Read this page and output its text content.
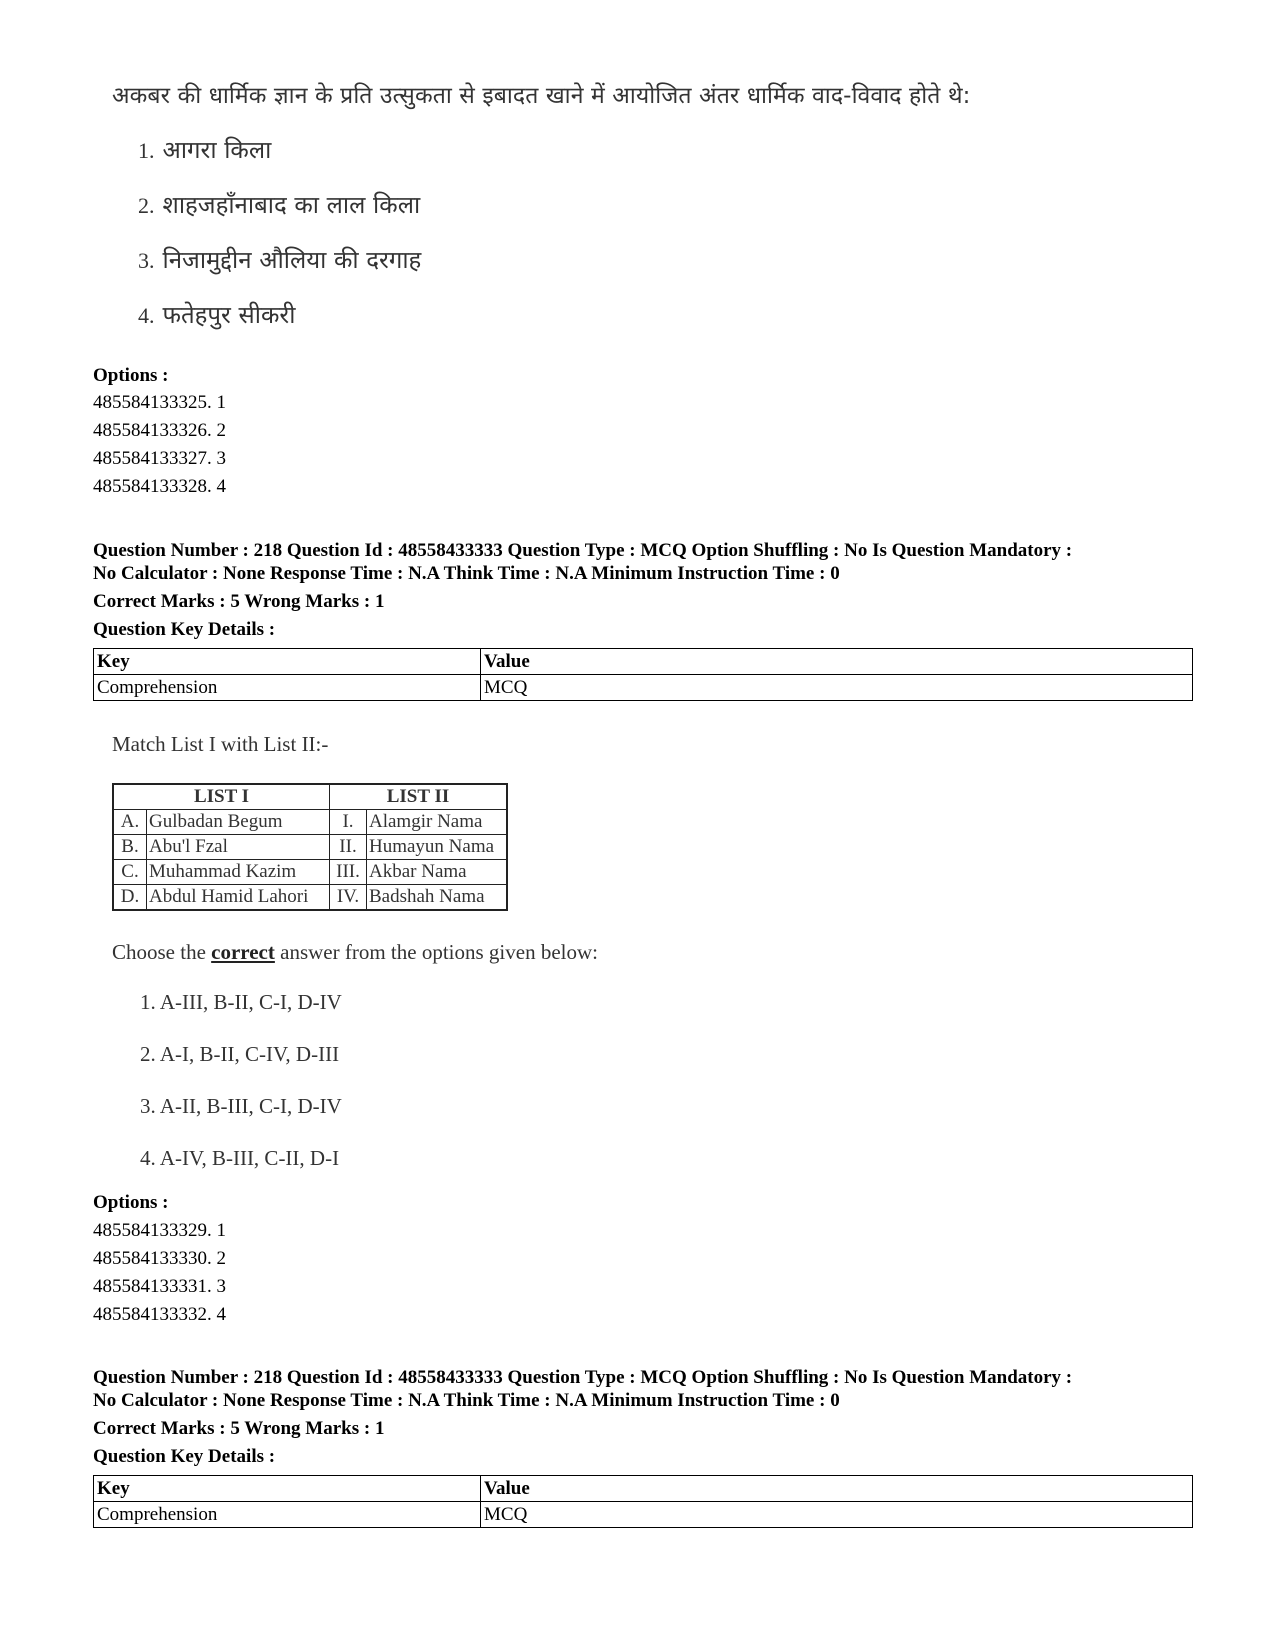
अकबर की धार्मिक ज्ञान के प्रति उत्सुकता से इबादत खाने में आयोजित अंतर धार्मिक वाद-विवाद होते थे:
1. आगरा किला
2. शाहजहाँनाबाद का लाल किला
3. निजामुद्दीन औलिया की दरगाह
4. फतेहपुर सीकरी
Options :
485584133325. 1
485584133326. 2
485584133327. 3
485584133328. 4
Question Number : 218 Question Id : 48558433333 Question Type : MCQ Option Shuffling : No Is Question Mandatory :
No Calculator : None Response Time : N.A Think Time : N.A Minimum Instruction Time : 0
Correct Marks : 5 Wrong Marks : 1
Question Key Details :
Key	Value
Comprehension	MCQ
Match List I with List II:-
LIST I		LIST II	
A.	Gulbadan Begum	I.	Alamgir Nama
B.	Abu'l Fzal	II.	Humayun Nama
C.	Muhammad Kazim	III.	Akbar Nama
D.	Abdul Hamid Lahori	IV.	Badshah Nama
Choose the correct answer from the options given below:
1. A-III, B-II, C-I, D-IV
2. A-I, B-II, C-IV, D-III
3. A-II, B-III, C-I, D-IV
4. A-IV, B-III, C-II, D-I
Options :
485584133329. 1
485584133330. 2
485584133331. 3
485584133332. 4
Question Number : 218 Question Id : 48558433333 Question Type : MCQ Option Shuffling : No Is Question Mandatory :
No Calculator : None Response Time : N.A Think Time : N.A Minimum Instruction Time : 0
Correct Marks : 5 Wrong Marks : 1
Question Key Details :
Key	Value
Comprehension	MCQ
